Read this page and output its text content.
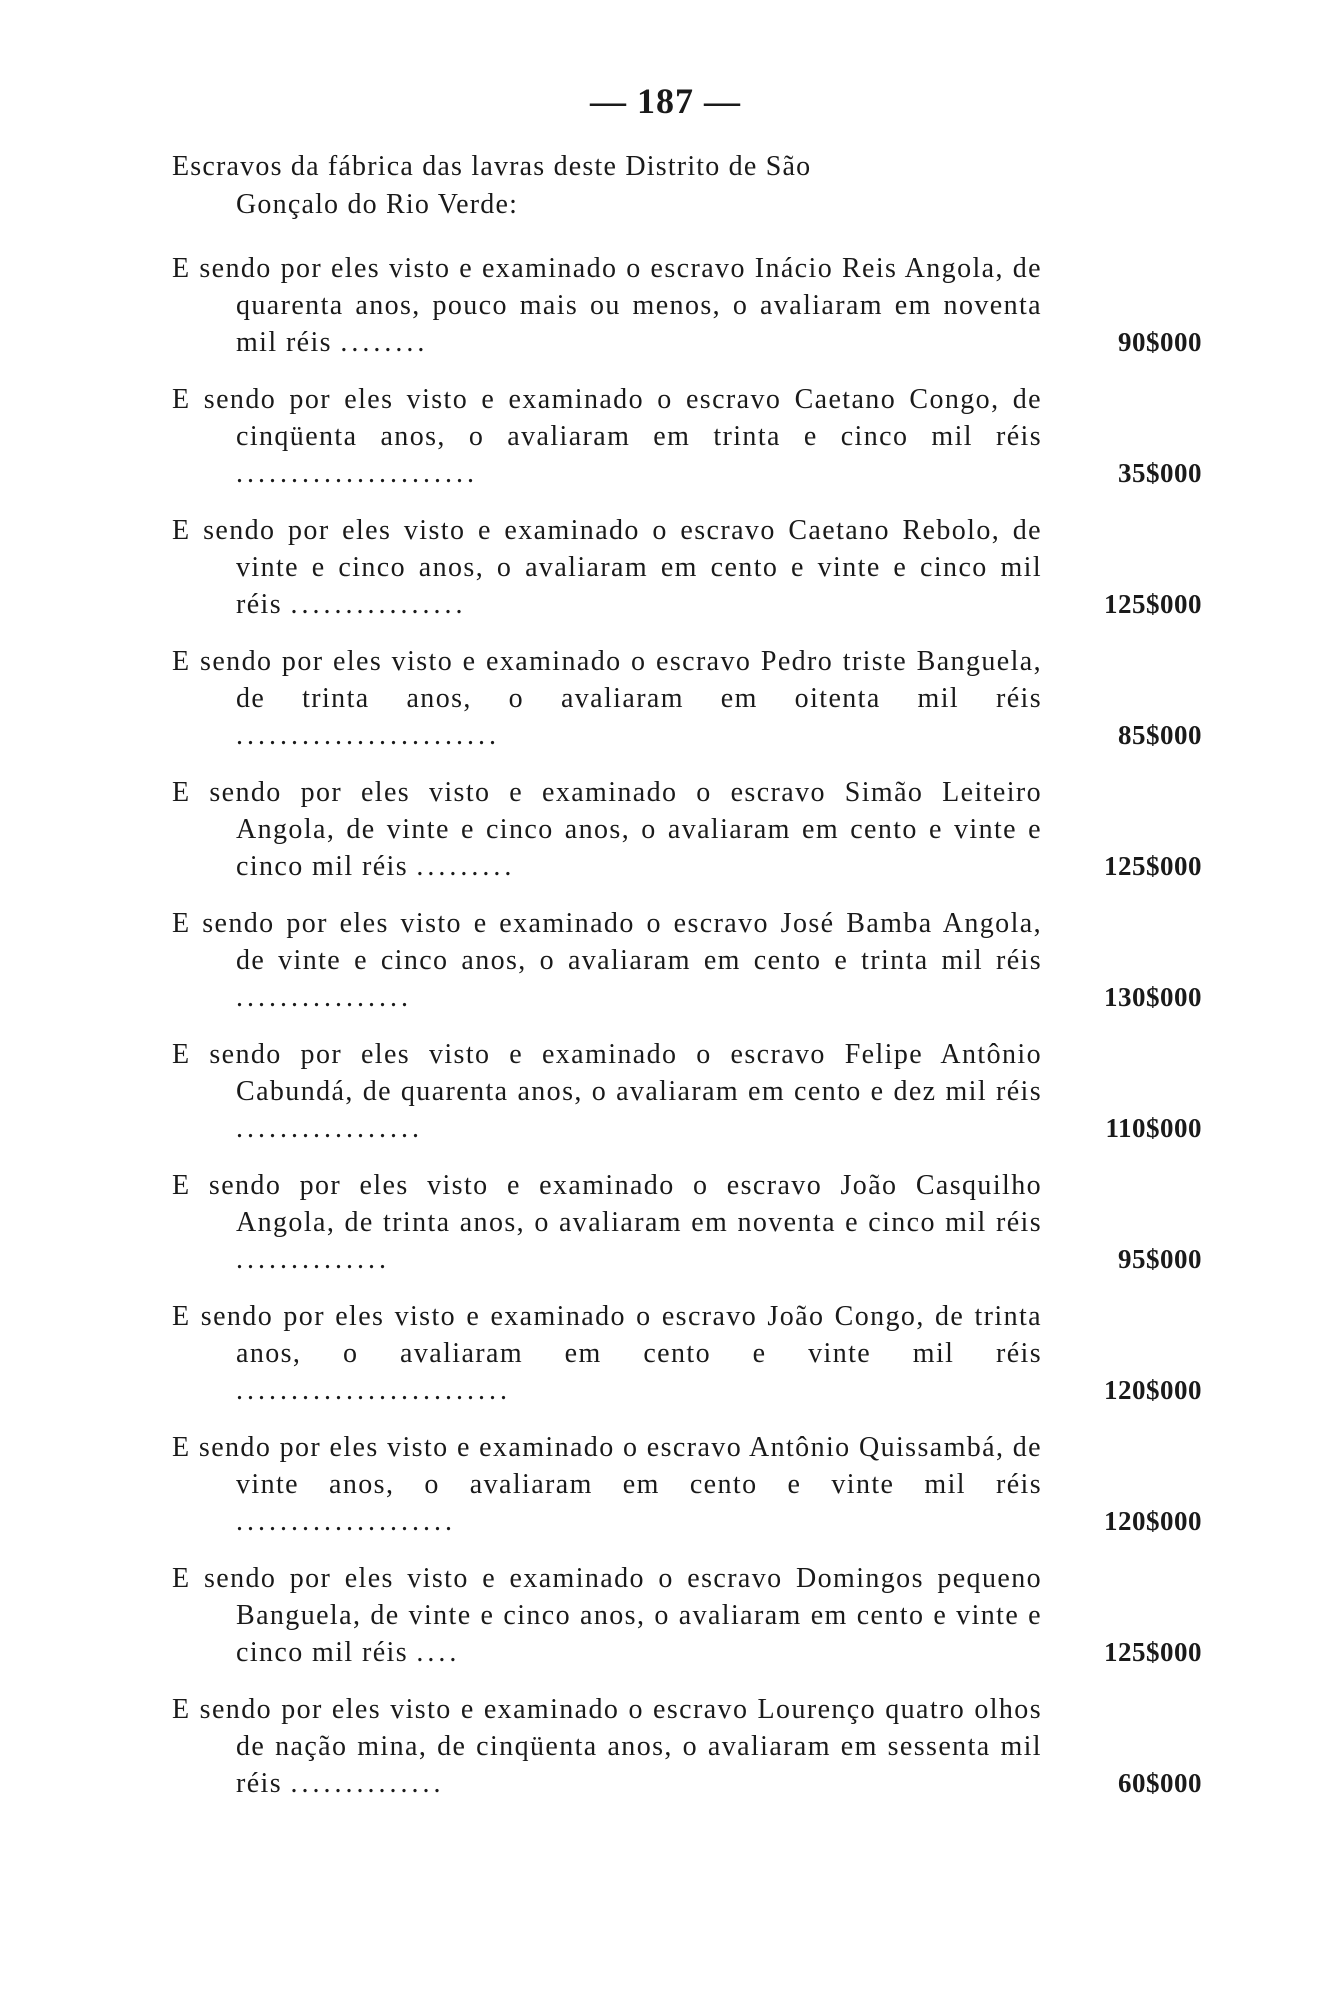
— 187 —
Escravos da fábrica das lavras deste Distrito de São
Gonçalo do Rio Verde:
E sendo por eles visto e examinado o escravo Inácio Reis Angola, de quarenta anos, pouco mais ou menos, o avaliaram em noventa mil réis ........	90$000
E sendo por eles visto e examinado o escravo Caetano Congo, de cinqüenta anos, o avaliaram em trinta e cinco mil réis ......................	35$000
E sendo por eles visto e examinado o escravo Caetano Rebolo, de vinte e cinco anos, o avaliaram em cento e vinte e cinco mil réis ................	125$000
E sendo por eles visto e examinado o escravo Pedro triste Banguela, de trinta anos, o avaliaram em oitenta mil réis ........................	85$000
E sendo por eles visto e examinado o escravo Simão Leiteiro Angola, de vinte e cinco anos, o avaliaram em cento e vinte e cinco mil réis .........	125$000
E sendo por eles visto e examinado o escravo José Bamba Angola, de vinte e cinco anos, o avaliaram em cento e trinta mil réis ................	130$000
E sendo por eles visto e examinado o escravo Felipe Antônio Cabundá, de quarenta anos, o avaliaram em cento e dez mil réis .................	110$000
E sendo por eles visto e examinado o escravo João Casquilho Angola, de trinta anos, o avaliaram em noventa e cinco mil réis ..............	95$000
E sendo por eles visto e examinado o escravo João Congo, de trinta anos, o avaliaram em cento e vinte mil réis .........................	120$000
E sendo por eles visto e examinado o escravo Antônio Quissambá, de vinte anos, o avaliaram em cento e vinte mil réis ....................	120$000
E sendo por eles visto e examinado o escravo Domingos pequeno Banguela, de vinte e cinco anos, o avaliaram em cento e vinte e cinco mil réis ....	125$000
E sendo por eles visto e examinado o escravo Lourenço quatro olhos de nação mina, de cinqüenta anos, o avaliaram em sessenta mil réis ..............	60$000
